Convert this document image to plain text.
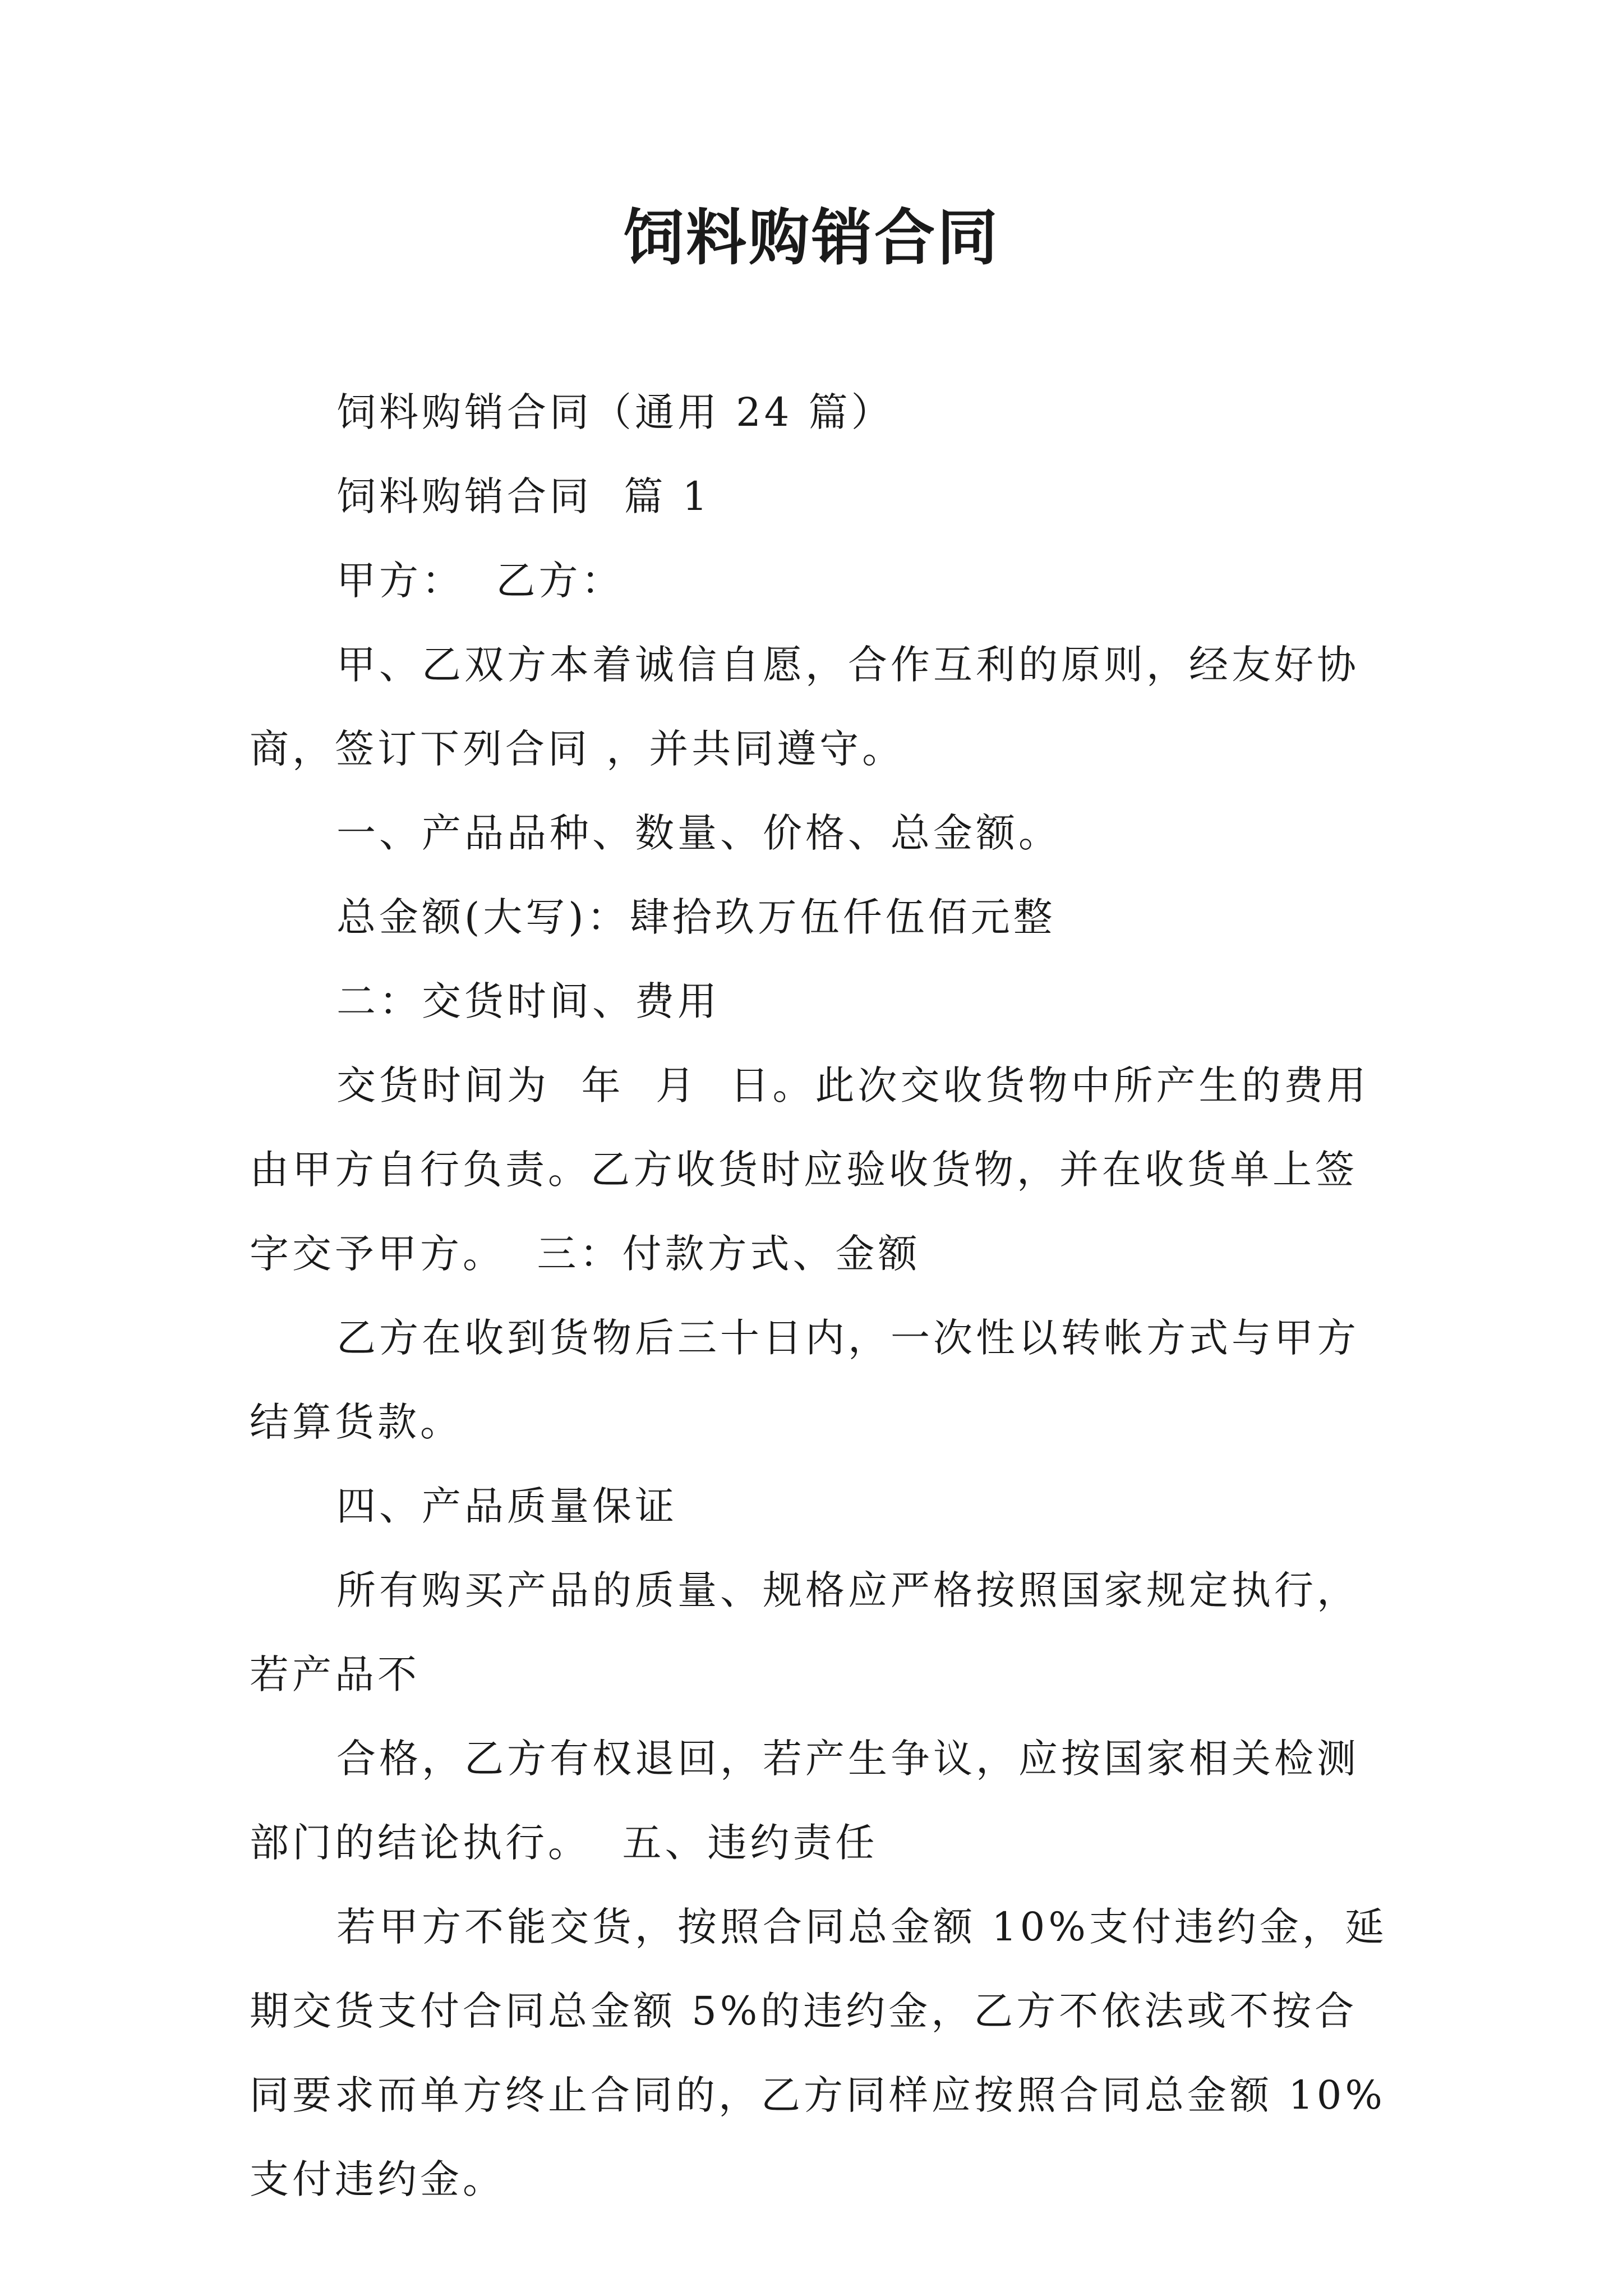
饲料购销合同

饲料购销合同（通用 24 篇）

饲料购销合同  篇 1

甲方：  乙方：

甲、乙双方本着诚信自愿，合作互利的原则，经友好协商，签订下列合同 ，并共同遵守。

一、产品品种、数量、价格、总金额。

总金额(大写)：肆拾玖万伍仟伍佰元整

二：交货时间、费用

交货时间为  年  月  日。此次交收货物中所产生的费用由甲方自行负责。乙方收货时应验收货物，并在收货单上签字交予甲方。  三：付款方式、金额

乙方在收到货物后三十日内，一次性以转帐方式与甲方结算货款。

四、产品质量保证

所有购买产品的质量、规格应严格按照国家规定执行，若产品不

合格，乙方有权退回，若产生争议，应按国家相关检测部门的结论执行。  五、违约责任

若甲方不能交货，按照合同总金额 10%支付违约金，延期交货支付合同总金额 5%的违约金，乙方不依法或不按合同要求而单方终止合同的，乙方同样应按照合同总金额 10%支付违约金。
